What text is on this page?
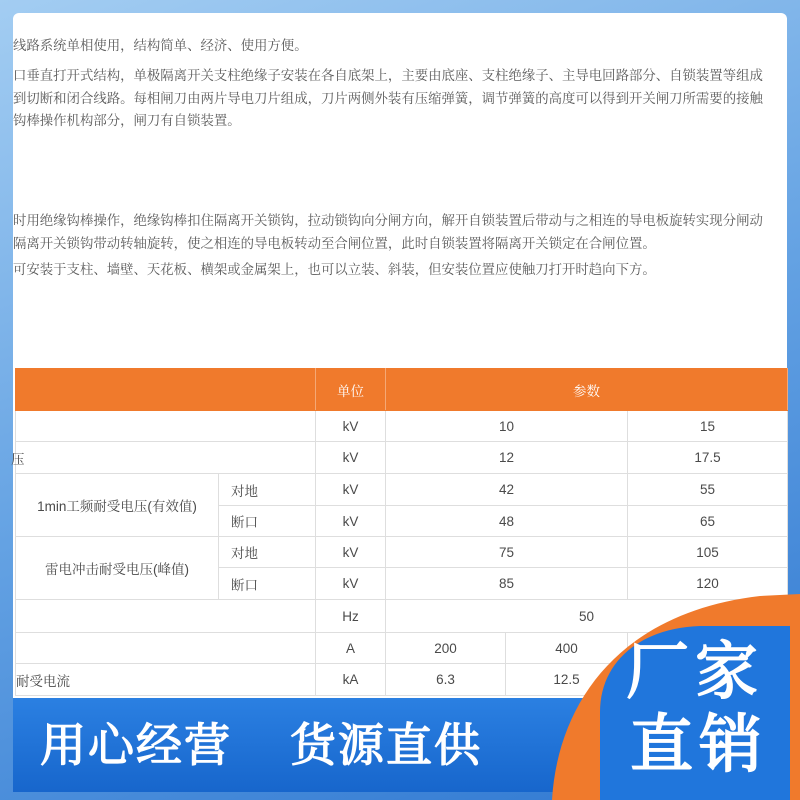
线路系统单相使用，结构简单、经济、使用方便。
口垂直打开式结构，单极隔离开关支柱绝缘子安装在各自底架上，主要由底座、支柱绝缘子、主导电回路部分、自锁装置等组成
到切断和闭合线路。每相闸刀由两片导电刀片组成，刀片两侧外装有压缩弹簧，调节弹簧的高度可以得到开关闸刀所需要的接触
钩棒操作机构部分，闸刀有自锁装置。
时用绝缘钩棒操作，绝缘钩棒扣住隔离开关锁钩，拉动锁钩向分闸方向，解开自锁装置后带动与之相连的导电板旋转实现分闸动
隔离开关锁钩带动转轴旋转，使之相连的导电板转动至合闸位置，此时自锁装置将隔离开关锁定在合闸位置。
可安装于支柱、墙壁、天花板、横架或金属架上，也可以立装、斜装，但安装位置应使触刀打开时趋向下方。
		单位	参数		
		kV	10		15
压		kV	12		17.5
1min工频耐受电压(有效值)	对地	kV	42		55
	断口	kV	48		65
雷电冲击耐受电压(峰值)	对地	kV	75		105
	断口	kV	85		120
		Hz	50		
		A	200	400	
耐受电流		kA	6.3	12.5	
用心经营 货源直供
厂家
直销
